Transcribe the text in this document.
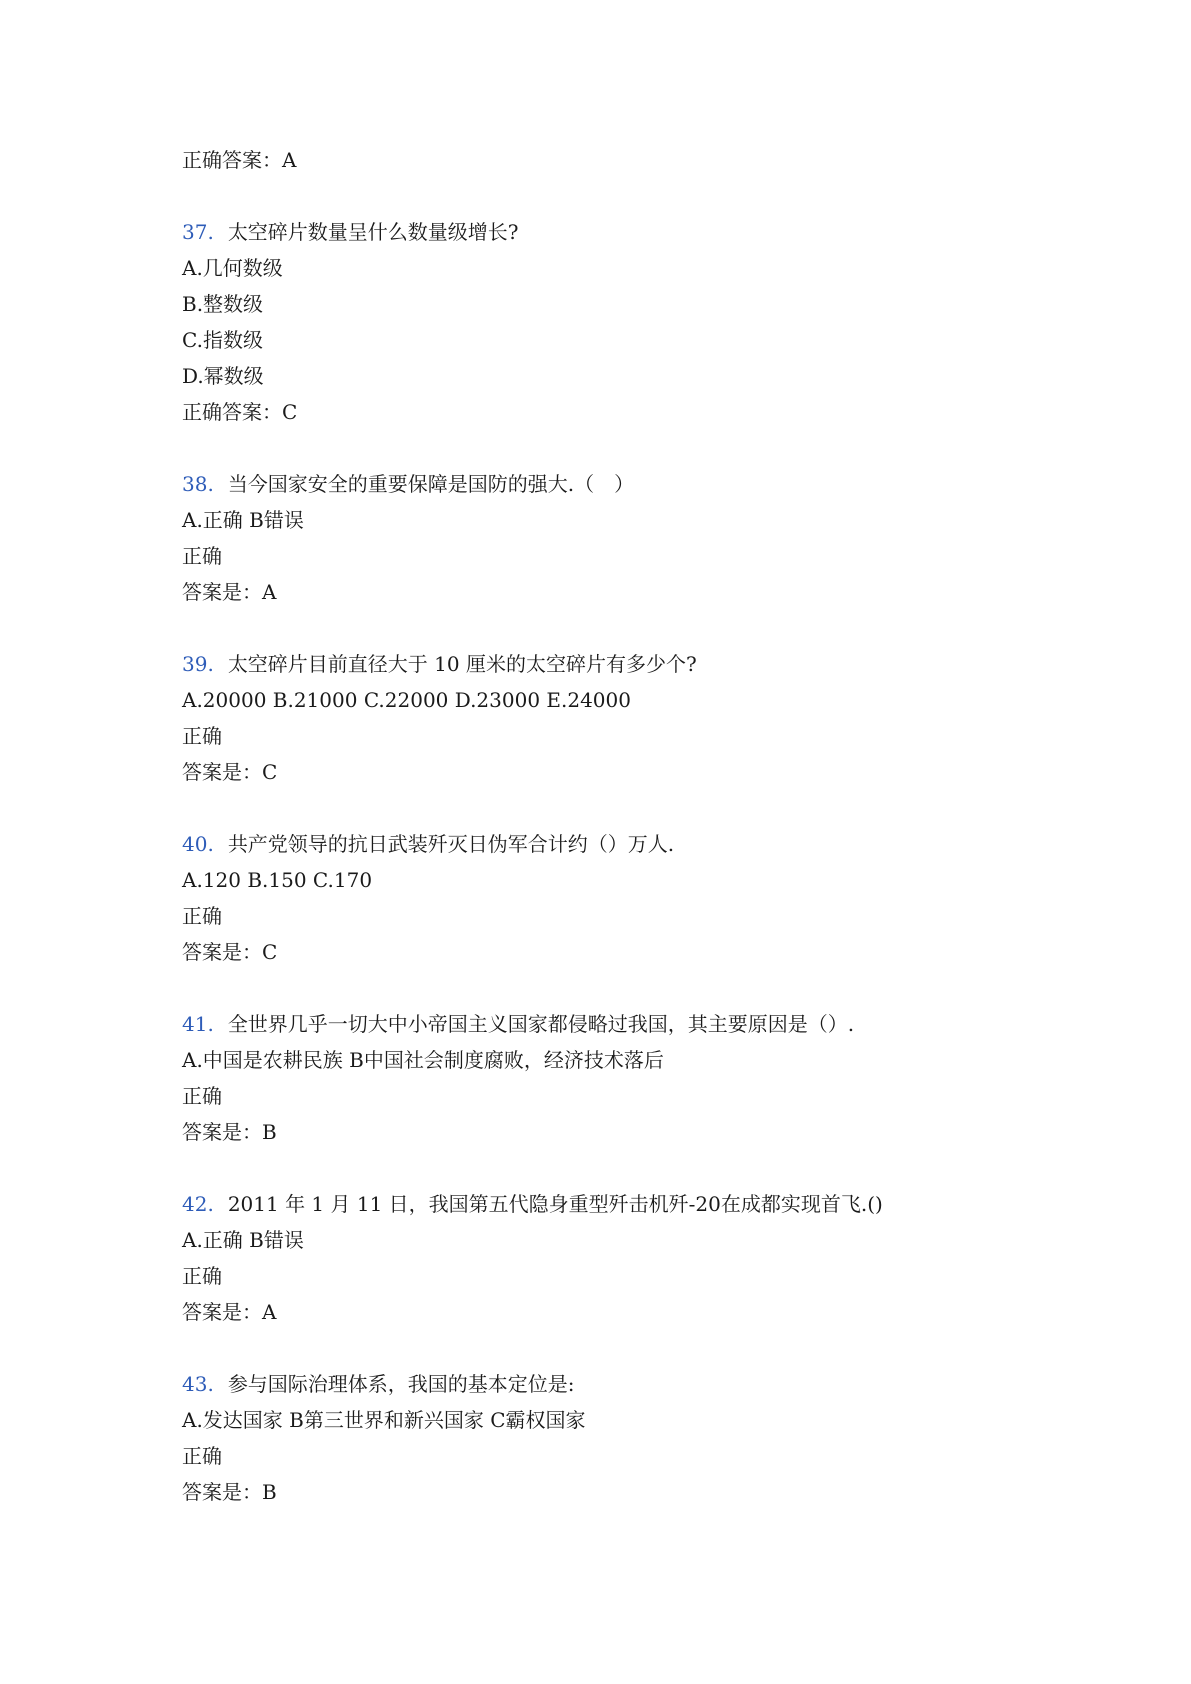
正确答案：A
37. 太空碎片数量呈什么数量级增长?
A.几何数级
B.整数级
C.指数级
D.幂数级
正确答案：C
38. 当今国家安全的重要保障是国防的强大.（　）
A.正确 B错误
正确
答案是：A
39. 太空碎片目前直径大于 10 厘米的太空碎片有多少个?
A.20000 B.21000 C.22000 D.23000 E.24000
正确
答案是：C
40. 共产党领导的抗日武装歼灭日伪军合计约（）万人.
A.120 B.150 C.170
正确
答案是：C
41. 全世界几乎一切大中小帝国主义国家都侵略过我国，其主要原因是（）.
A.中国是农耕民族 B中国社会制度腐败，经济技术落后
正确
答案是：B
42. 2011 年 1 月 11 日，我国第五代隐身重型歼击机歼-20在成都实现首飞.()
A.正确 B错误
正确
答案是：A
43. 参与国际治理体系，我国的基本定位是:
A.发达国家 B第三世界和新兴国家 C霸权国家
正确
答案是：B
